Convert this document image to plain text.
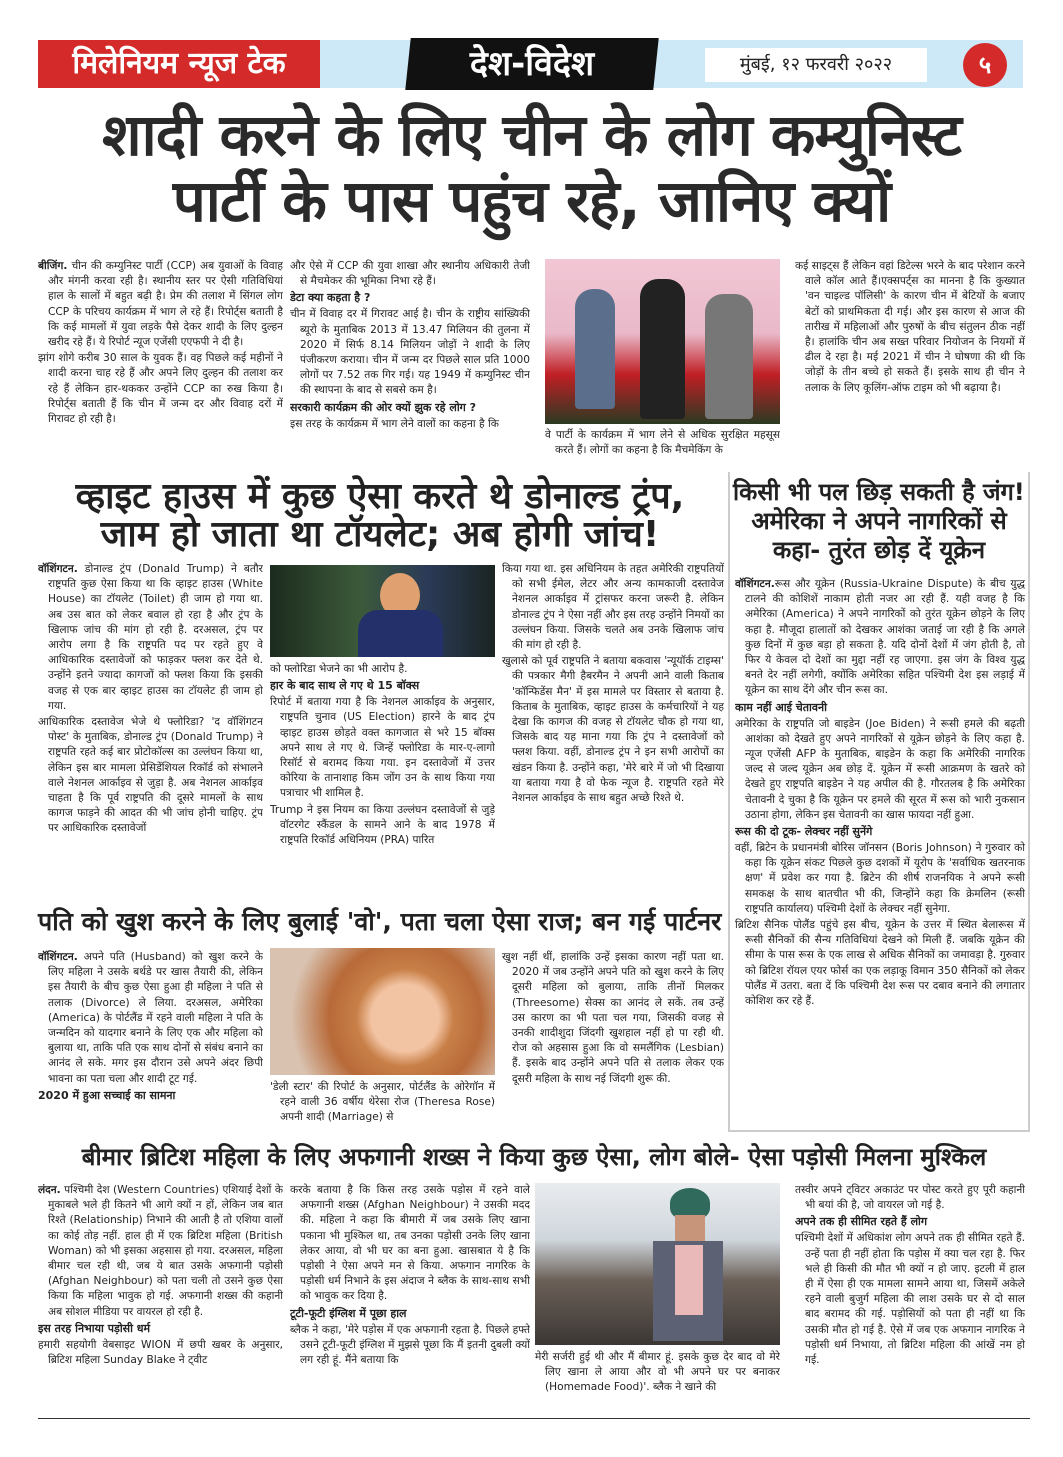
मिलेनियम न्यूज टेक	देश-विदेश	मुंबई, १२ फरवरी २०२२	५
शादी करने के लिए चीन के लोग कम्युनिस्ट
पार्टी के पास पहुंच रहे, जानिए क्यों

बीजिंग. चीन की कम्युनिस्ट पार्टी (CCP) अब युवाओं के विवाह और मंगनी करवा रही है। स्थानीय स्तर पर ऐसी गतिविधियां हाल के सालों में बहुत बढ़ी है। प्रेम की तलाश में सिंगल लोग CCP के परिचय कार्यक्रम में भाग ले रहे हैं। रिपोर्ट्स बताती है कि कई मामलों में युवा लड़के पैसे देकर शादी के लिए दुल्हन खरीद रहे हैं। ये रिपोर्ट न्यूज एजेंसी एएफपी ने दी है।

झांग शोगे करीब 30 साल के युवक हैं। वह पिछले कई महीनों ने शादी करना चाह रहे हैं और अपने लिए दुल्हन की तलाश कर रहे हैं लेकिन हार-थककर उन्होंने CCP का रुख किया है। रिपोर्ट्स बताती हैं कि चीन में जन्म दर और विवाह दरों में गिरावट हो रही है।

और ऐसे में CCP की युवा शाखा और स्थानीय अधिकारी तेजी से मैचमेकर की भूमिका निभा रहे हैं।

डेटा क्या कहता है ?

चीन में विवाह दर में गिरावट आई है। चीन के राष्ट्रीय सांख्यिकी ब्यूरो के मुताबिक 2013 में 13.47 मिलियन की तुलना में 2020 में सिर्फ 8.14 मिलियन जोड़ों ने शादी के लिए पंजीकरण कराया। चीन में जन्म दर पिछले साल प्रति 1000 लोगों पर 7.52 तक गिर गई। यह 1949 में कम्युनिस्ट चीन की स्थापना के बाद से सबसे कम है।

सरकारी कार्यक्रम की ओर क्यों झुक रहे लोग ?

इस तरह के कार्यक्रम में भाग लेने वालों का कहना है कि

वे पार्टी के कार्यक्रम में भाग लेने से अधिक सुरक्षित महसूस करते हैं। लोगों का कहना है कि मैचमेकिंग के

कई साइट्स हैं लेकिन वहां डिटेल्स भरने के बाद परेशान करने वाले कॉल आते हैं।एक्सपर्ट्स का मानना है कि कुख्यात 'वन चाइल्ड पॉलिसी' के कारण चीन में बेटियों के बजाए बेटों को प्राथमिकता दी गई। और इस कारण से आज की तारीख में महिलाओं और पुरुषों के बीच संतुलन ठीक नहीं है। हालांकि चीन अब सख्त परिवार नियोजन के नियमों में ढील दे रहा है। मई 2021 में चीन ने घोषणा की थी कि जोड़ों के तीन बच्चे हो सकते हैं। इसके साथ ही चीन ने तलाक के लिए कूलिंग-ऑफ टाइम को भी बढ़ाया है।

व्हाइट हाउस में कुछ ऐसा करते थे डोनाल्ड ट्रंप,
जाम हो जाता था टॉयलेट; अब होगी जांच!

वॉशिंगटन. डोनाल्ड ट्रंप (Donald Trump) ने बतौर राष्ट्रपति कुछ ऐसा किया था कि व्हाइट हाउस (White House) का टॉयलेट (Toilet) ही जाम हो गया था. अब उस बात को लेकर बवाल हो रहा है और ट्रंप के खिलाफ जांच की मांग हो रही है. दरअसल, ट्रंप पर आरोप लगा है कि राष्ट्रपति पद पर रहते हुए वे आधिकारिक दस्तावेजों को फाड़कर फ्लश कर देते थे. उन्होंने इतने ज्यादा कागजों को फ्लश किया कि इसकी वजह से एक बार व्हाइट हाउस का टॉयलेट ही जाम हो गया.

आधिकारिक दस्तावेज भेजे थे फ्लोरिडा? 'द वॉशिंगटन पोस्ट' के मुताबिक, डोनाल्ड ट्रंप (Donald Trump) ने राष्ट्रपति रहते कई बार प्रोटोकॉल्स का उल्लंघन किया था, लेकिन इस बार मामला प्रेसिडेंशियल रिकॉर्ड को संभालने वाले नेशनल आर्काइव से जुड़ा है. अब नेशनल आर्काइव चाहता है कि पूर्व राष्ट्रपति की दूसरे मामलों के साथ कागज फाड़ने की आदत की भी जांच होनी चाहिए. ट्रंप पर आधिकारिक दस्तावेजों

को फ्लोरिडा भेजने का भी आरोप है.

हार के बाद साथ ले गए थे 15 बॉक्स

रिपोर्ट में बताया गया है कि नेशनल आर्काइव के अनुसार, राष्ट्रपति चुनाव (US Election) हारने के बाद ट्रंप व्हाइट हाउस छोड़ते वक्त कागजात से भरे 15 बॉक्स अपने साथ ले गए थे. जिन्हें फ्लोरिडा के मार-ए-लागो रिसॉर्ट से बरामद किया गया. इन दस्तावेजों में उत्तर कोरिया के तानाशाह किम जोंग उन के साथ किया गया पत्राचार भी शामिल है.

Trump ने इस नियम का किया उल्लंघन दस्तावेजों से जुड़े वॉटरगेट स्कैंडल के सामने आने के बाद 1978 में राष्ट्रपति रिकॉर्ड अधिनियम (PRA) पारित

किया गया था. इस अधिनियम के तहत अमेरिकी राष्ट्रपतियों को सभी ईमेल, लेटर और अन्य कामकाजी दस्तावेज नेशनल आर्काइव में ट्रांसफर करना जरूरी है. लेकिन डोनाल्ड ट्रंप ने ऐसा नहीं और इस तरह उन्होंने निमयों का उल्लंघन किया. जिसके चलते अब उनके खिलाफ जांच की मांग हो रही है.

खुलासे को पूर्व राष्ट्रपति ने बताया बकवास 'न्यूयॉर्क टाइम्स' की पत्रकार मैगी हैबरमैन ने अपनी आने वाली किताब 'कॉन्फिडेंस मैन' में इस मामले पर विस्तार से बताया है. किताब के मुताबिक, व्हाइट हाउस के कर्मचारियों ने यह देखा कि कागज की वजह से टॉयलेट चौक हो गया था, जिसके बाद यह माना गया कि ट्रंप ने दस्तावेजों को फ्लश किया. वहीं, डोनाल्ड ट्रंप ने इन सभी आरोपों का खंडन किया है. उन्होंने कहा, 'मेरे बारे में जो भी दिखाया या बताया गया है वो फेक न्यूज है. राष्ट्रपति रहते मेरे नेशनल आर्काइव के साथ बहुत अच्छे रिश्ते थे.

किसी भी पल छिड़ सकती है जंग!
अमेरिका ने अपने नागरिकों से
कहा- तुरंत छोड़ दें यूक्रेन

वॉशिंगटन.रूस और यूक्रेन (Russia-Ukraine Dispute) के बीच युद्ध टालने की कोशिशें नाकाम होती नजर आ रही हैं. यही वजह है कि अमेरिका (America) ने अपने नागरिकों को तुरंत यूक्रेन छोड़ने के लिए कहा है. मौजूदा हालातों को देखकर आशंका जताई जा रही है कि अगले कुछ दिनों में कुछ बड़ा हो सकता है. यदि दोनों देशों में जंग होती है, तो फिर ये केवल दो देशों का मुद्दा नहीं रह जाएगा. इस जंग के विश्व युद्ध बनते देर नहीं लगेगी, क्योंकि अमेरिका सहित पश्चिमी देश इस लड़ाई में यूक्रेन का साथ देंगे और चीन रूस का.

काम नहीं आई चेतावनी

अमेरिका के राष्ट्रपति जो बाइडेन (Joe Biden) ने रूसी हमले की बढ़ती आशंका को देखते हुए अपने नागरिकों से यूक्रेन छोड़ने के लिए कहा है. न्यूज एजेंसी AFP के मुताबिक, बाइडेन के कहा कि अमेरिकी नागरिक जल्द से जल्द यूक्रेन अब छोड़ दें. यूक्रेन में रूसी आक्रमण के खतरे को देखते हुए राष्ट्रपति बाइडेन ने यह अपील की है. गौरतलब है कि अमेरिका चेतावनी दे चुका है कि यूक्रेन पर हमले की सूरत में रूस को भारी नुकसान उठाना होगा, लेकिन इस चेतावनी का खास फायदा नहीं हुआ.

रूस की दो टूक- लेक्चर नहीं सुनेंगे

वहीं, ब्रिटेन के प्रधानमंत्री बोरिस जॉनसन (Boris Johnson) ने गुरुवार को कहा कि यूक्रेन संकट पिछले कुछ दशकों में यूरोप के 'सर्वाधिक खतरनाक क्षण' में प्रवेश कर गया है. ब्रिटेन की शीर्ष राजनयिक ने अपने रूसी समकक्ष के साथ बातचीत भी की, जिन्होंने कहा कि क्रेमलिन (रूसी राष्ट्रपति कार्यालय) पश्चिमी देशों के लेक्चर नहीं सुनेगा.

ब्रिटिश सैनिक पोलैंड पहुंचे इस बीच, यूक्रेन के उत्तर में स्थित बेलारूस में रूसी सैनिकों की सैन्य गतिविधियां देखने को मिली हैं. जबकि यूक्रेन की सीमा के पास रूस के एक लाख से अधिक सैनिकों का जमावड़ा है. गुरुवार को ब्रिटिश रॉयल एयर फोर्स का एक लड़ाकू विमान 350 सैनिकों को लेकर पोलैंड में उतरा. बता दें कि पश्चिमी देश रूस पर दबाव बनाने की लगातार कोशिश कर रहे हैं.

पति को खुश करने के लिए बुलाई 'वो', पता चला ऐसा राज; बन गई पार्टनर

वॉशिंगटन. अपने पति (Husband) को खुश करने के लिए महिला ने उसके बर्थडे पर खास तैयारी की, लेकिन इस तैयारी के बीच कुछ ऐसा हुआ ही महिला ने पति से तलाक (Divorce) ले लिया. दरअसल, अमेरिका (America) के पोर्टलैंड में रहने वाली महिला ने पति के जन्मदिन को यादगार बनाने के लिए एक और महिला को बुलाया था, ताकि पति एक साथ दोनों से संबंध बनाने का आनंद ले सके. मगर इस दौरान उसे अपने अंदर छिपी भावना का पता चला और शादी टूट गई.

2020 में हुआ सच्चाई का सामना

'डेली स्टार' की रिपोर्ट के अनुसार, पोर्टलैंड के ओरेगॉन में रहने वाली 36 वर्षीय थेरेसा रोज (Theresa Rose) अपनी शादी (Marriage) से

खुश नहीं थीं, हालांकि उन्हें इसका कारण नहीं पता था. 2020 में जब उन्होंने अपने पति को खुश करने के लिए दूसरी महिला को बुलाया, ताकि तीनों मिलकर (Threesome) सेक्स का आनंद ले सकें. तब उन्हें उस कारण का भी पता चल गया, जिसकी वजह से उनकी शादीशुदा जिंदगी खुशहाल नहीं हो पा रही थी. रोज को अहसास हुआ कि वो समलैंगिक (Lesbian) हैं. इसके बाद उन्होंने अपने पति से तलाक लेकर एक दूसरी महिला के साथ नई जिंदगी शुरू की.

बीमार ब्रिटिश महिला के लिए अफगानी शख्स ने किया कुछ ऐसा, लोग बोले- ऐसा पड़ोसी मिलना मुश्किल

लंदन. पश्चिमी देश (Western Countries) एशियाई देशों के मुकाबले भले ही कितने भी आगे क्यों न हों, लेकिन जब बात रिश्ते (Relationship) निभाने की आती है तो एशिया वालों का कोई तोड़ नहीं. हाल ही में एक ब्रिटिश महिला (British Woman) को भी इसका अहसास हो गया. दरअसल, महिला बीमार चल रही थी, जब ये बात उसके अफगानी पड़ोसी (Afghan Neighbour) को पता चली तो उसने कुछ ऐसा किया कि महिला भावुक हो गई. अफगानी शख्स की कहानी अब सोशल मीडिया पर वायरल हो रही है.

इस तरह निभाया पड़ोसी धर्म

हमारी सहयोगी वेबसाइट WION में छपी खबर के अनुसार, ब्रिटिश महिला Sunday Blake ने ट्वीट

करके बताया है कि किस तरह उसके पड़ोस में रहने वाले अफगानी शख्स (Afghan Neighbour) ने उसकी मदद की. महिला ने कहा कि बीमारी में जब उसके लिए खाना पकाना भी मुश्किल था, तब उनका पड़ोसी उनके लिए खाना लेकर आया, वो भी घर का बना हुआ. खासबात ये है कि पड़ोसी ने ऐसा अपने मन से किया. अफगान नागरिक के पड़ोसी धर्म निभाने के इस अंदाज ने ब्लैक के साथ-साथ सभी को भावुक कर दिया है.

टूटी-फूटी इंग्लिश में पूछा हाल

ब्लैक ने कहा, 'मेरे पड़ोस में एक अफगानी रहता है. पिछले हफ्ते उसने टूटी-फूटी इंग्लिश में मुझसे पूछा कि मैं इतनी दुबली क्यों लग रही हूं. मैंने बताया कि	मेरी सर्जरी हुई थी और मैं बीमार हूं. इसके कुछ देर बाद वो मेरे लिए खाना ले आया और वो भी अपने घर पर बनाकर (Homemade Food)'. ब्लैक ने खाने की

तस्वीर अपने ट्विटर अकाउंट पर पोस्ट करते हुए पूरी कहानी भी बयां की है, जो वायरल जो गई है.

अपने तक ही सीमित रहते हैं लोग

पश्चिमी देशों में अधिकांश लोग अपने तक ही सीमित रहते हैं. उन्हें पता ही नहीं होता कि पड़ोस में क्या चल रहा है. फिर भले ही किसी की मौत भी क्यों न हो जाए. इटली में हाल ही में ऐसा ही एक मामला सामने आया था, जिसमें अकेले रहने वाली बुजुर्ग महिला की लाश उसके घर से दो साल बाद बरामद की गई. पड़ोसियों को पता ही नहीं था कि उसकी मौत हो गई है. ऐसे में जब एक अफगान नागरिक ने पड़ोसी धर्म निभाया, तो ब्रिटिश महिला की आंखें नम हो गई.
